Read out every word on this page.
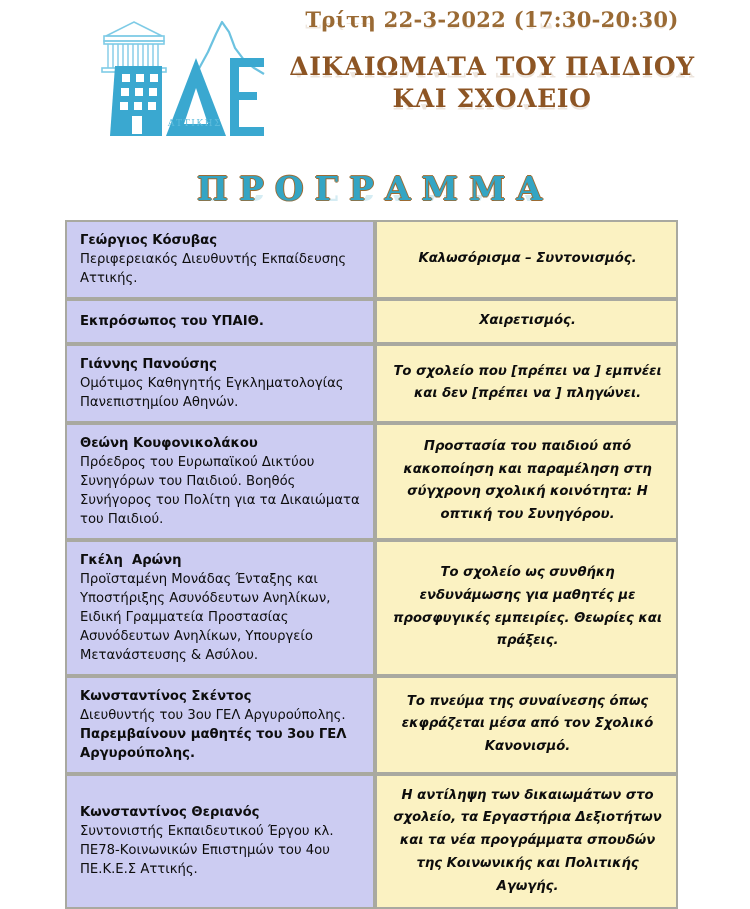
ΑΤΤΙΚΗΣ
Τρίτη 22-3-2022 (17:30-20:30) Τρίτη 22-3-2022 (17:30-20:30)
ΔΙΚΑΙΩΜΑΤΑ ΤΟΥ ΠΑΙΔΙΟΥ ΔΙΚΑΙΩΜΑΤΑ ΤΟΥ ΠΑΙΔΙΟΥ
ΚΑΙ ΣΧΟΛΕΙΟ ΚΑΙ ΣΧΟΛΕΙΟ
ΠΡΟΓΡΑΜΜΑ ΠΡΟΓΡΑΜΜΑ
Γεώργιος Κόσυβας
Περιφερειακός Διευθυντής Εκπαίδευσης Αττικής.	Καλωσόρισμα – Συντονισμός.

Εκπρόσωπος του ΥΠΑΙΘ.	Χαιρετισμός.

Γιάννης Πανούσης
Ομότιμος Καθηγητής Εγκληματολογίας Πανεπιστημίου Αθηνών.	Το σχολείο που [πρέπει να ] εμπνέει και δεν [πρέπει να ] πληγώνει.

Θεώνη Κουφονικολάκου
Πρόεδρος του Ευρωπαϊκού Δικτύου Συνηγόρων του Παιδιού. Βοηθός Συνήγορος του Πολίτη για τα Δικαιώματα του Παιδιού.	Προστασία του παιδιού από κακοποίηση και παραμέληση στη σύγχρονη σχολική κοινότητα: Η οπτική του Συνηγόρου.

Γκέλη  Αρώνη
Προϊσταμένη Μονάδας Ένταξης και Υποστήριξης Ασυνόδευτων Ανηλίκων, Ειδική Γραμματεία Προστασίας Ασυνόδευτων Ανηλίκων, Υπουργείο Μετανάστευσης & Ασύλου.	Το σχολείο ως συνθήκη ενδυνάμωσης για μαθητές με προσφυγικές εμπειρίες. Θεωρίες και πράξεις.

Κωνσταντίνος Σκέντος
Διευθυντής του 3ου ΓΕΛ Αργυρούπολης.
Παρεμβαίνουν μαθητές του 3ου ΓΕΛ Αργυρούπολης.	Το πνεύμα της συναίνεσης όπως εκφράζεται μέσα από τον Σχολικό Κανονισμό.

Κωνσταντίνος Θεριανός
Συντονιστής Εκπαιδευτικού Έργου κλ. ΠΕ78-Κοινωνικών Επιστημών του 4ου ΠΕ.Κ.Ε.Σ Αττικής.	Η αντίληψη των δικαιωμάτων στο σχολείο, τα Εργαστήρια Δεξιοτήτων και τα νέα προγράμματα σπουδών της Κοινωνικής και Πολιτικής Αγωγής.
